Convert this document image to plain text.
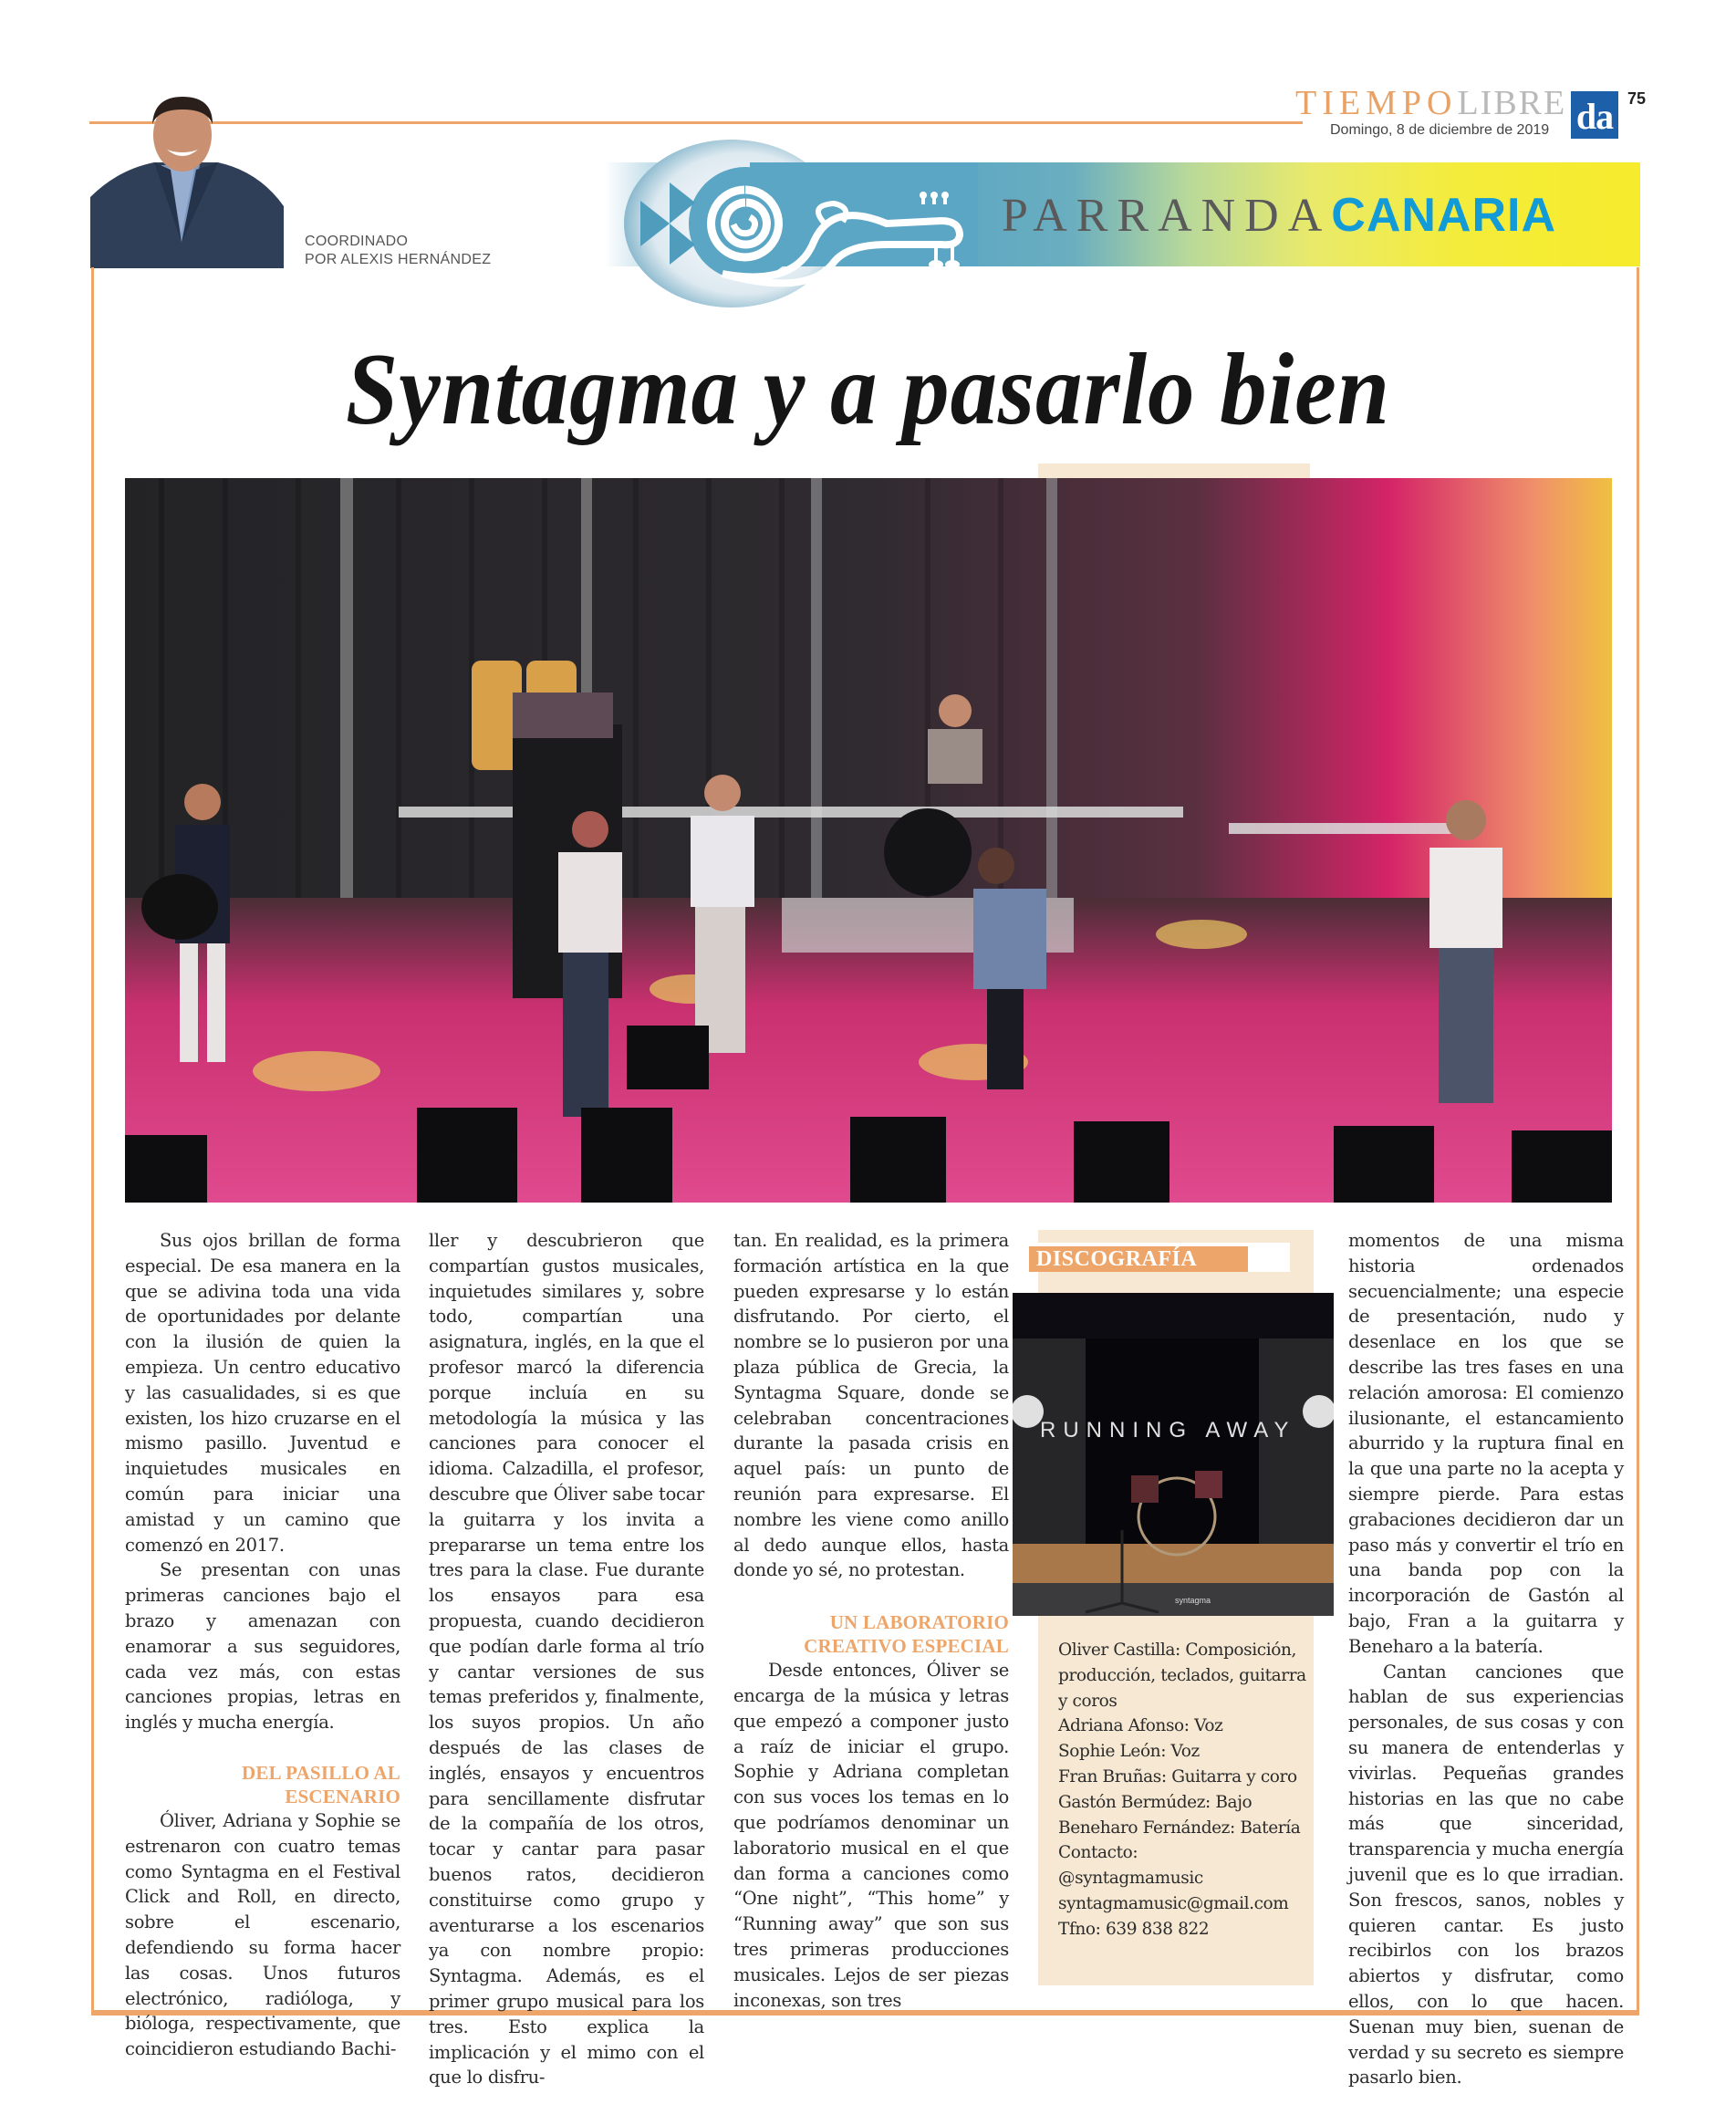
TIEMPOLIBRE
Domingo, 8 de diciembre de 2019 da 75
COORDINADO
POR ALEXIS HERNÁNDEZ
PARRANDACANARIA
Syntagma y a pasarlo bien

Sus ojos brillan de forma especial. De esa manera en la que se adivina toda una vida de oportunidades por delante con la ilusión de quien la empieza. Un centro educativo y las casualidades, si es que existen, los hizo cruzarse en el mismo pasillo. Juventud e inquietudes musicales en común para iniciar una amistad y un camino que comenzó en 2017.

Se presentan con unas primeras canciones bajo el brazo y amenazan con enamorar a sus seguidores, cada vez más, con estas canciones propias, letras en inglés y mucha energía.

DEL PASILLO AL ESCENARIO

Óliver, Adriana y Sophie se estrenaron con cuatro temas como Syntagma en el Festival Click and Roll, en directo, sobre el escenario, defendiendo su forma hacer las cosas. Unos futuros electrónico, radióloga, y bióloga, respectivamente, que coincidieron estudiando Bachi-

ller y descubrieron que compartían gustos musicales, inquietudes similares y, sobre todo, compartían una asignatura, inglés, en la que el profesor marcó la diferencia porque incluía en su metodología la música y las canciones para conocer el idioma. Calzadilla, el profesor, descubre que Óliver sabe tocar la guitarra y los invita a prepararse un tema entre los tres para la clase. Fue durante los ensayos para esa propuesta, cuando decidieron que podían darle forma al trío y cantar versiones de sus temas preferidos y, finalmente, los suyos propios. Un año después de las clases de inglés, ensayos y encuentros para sencillamente disfrutar de la compañía de los otros, tocar y cantar para pasar buenos ratos, decidieron constituirse como grupo y aventurarse a los escenarios ya con nombre propio: Syntagma. Además, es el primer grupo musical para los tres. Esto explica la implicación y el mimo con el que lo disfru-

tan. En realidad, es la primera formación artística en la que pueden expresarse y lo están disfrutando. Por cierto, el nombre se lo pusieron por una plaza pública de Grecia, la Syntagma Square, donde se celebraban concentraciones durante la pasada crisis en aquel país: un punto de reunión para expresarse. El nombre les viene como anillo al dedo aunque ellos, hasta donde yo sé, no protestan.

UN LABORATORIO CREATIVO ESPECIAL

Desde entonces, Óliver se encarga de la música y letras que empezó a componer justo a raíz de iniciar el grupo. Sophie y Adriana completan con sus voces los temas en lo que podríamos denominar un laboratorio musical en el que dan forma a canciones como “One night”, “This home” y “Running away” que son sus tres primeras producciones musicales. Lejos de ser piezas inconexas, son tres

DISCOGRAFÍA
RUNNING AWAY
syntagma
Oliver Castilla: Composición, producción, teclados, guitarra y coros
Adriana Afonso: Voz
Sophie León: Voz
Fran Bruñas: Guitarra y coro
Gastón Bermúdez: Bajo
Beneharo Fernández: Batería
Contacto:
@syntagmamusic
syntagmamusic@gmail.com
Tfno: 639 838 822

momentos de una misma historia ordenados secuencialmente; una especie de presentación, nudo y desenlace en los que se describe las tres fases en una relación amorosa: El comienzo ilusionante, el estancamiento aburrido y la ruptura final en la que una parte no la acepta y siempre pierde. Para estas grabaciones decidieron dar un paso más y convertir el trío en una banda pop con la incorporación de Gastón al bajo, Fran a la guitarra y Beneharo a la batería.

Cantan canciones que hablan de sus experiencias personales, de sus cosas y con su manera de entenderlas y vivirlas. Pequeñas grandes historias en las que no cabe más que sinceridad, transparencia y mucha energía juvenil que es lo que irradian. Son frescos, sanos, nobles y quieren cantar. Es justo recibirlos con los brazos abiertos y disfrutar, como ellos, con lo que hacen. Suenan muy bien, suenan de verdad y su secreto es siempre pasarlo bien.
